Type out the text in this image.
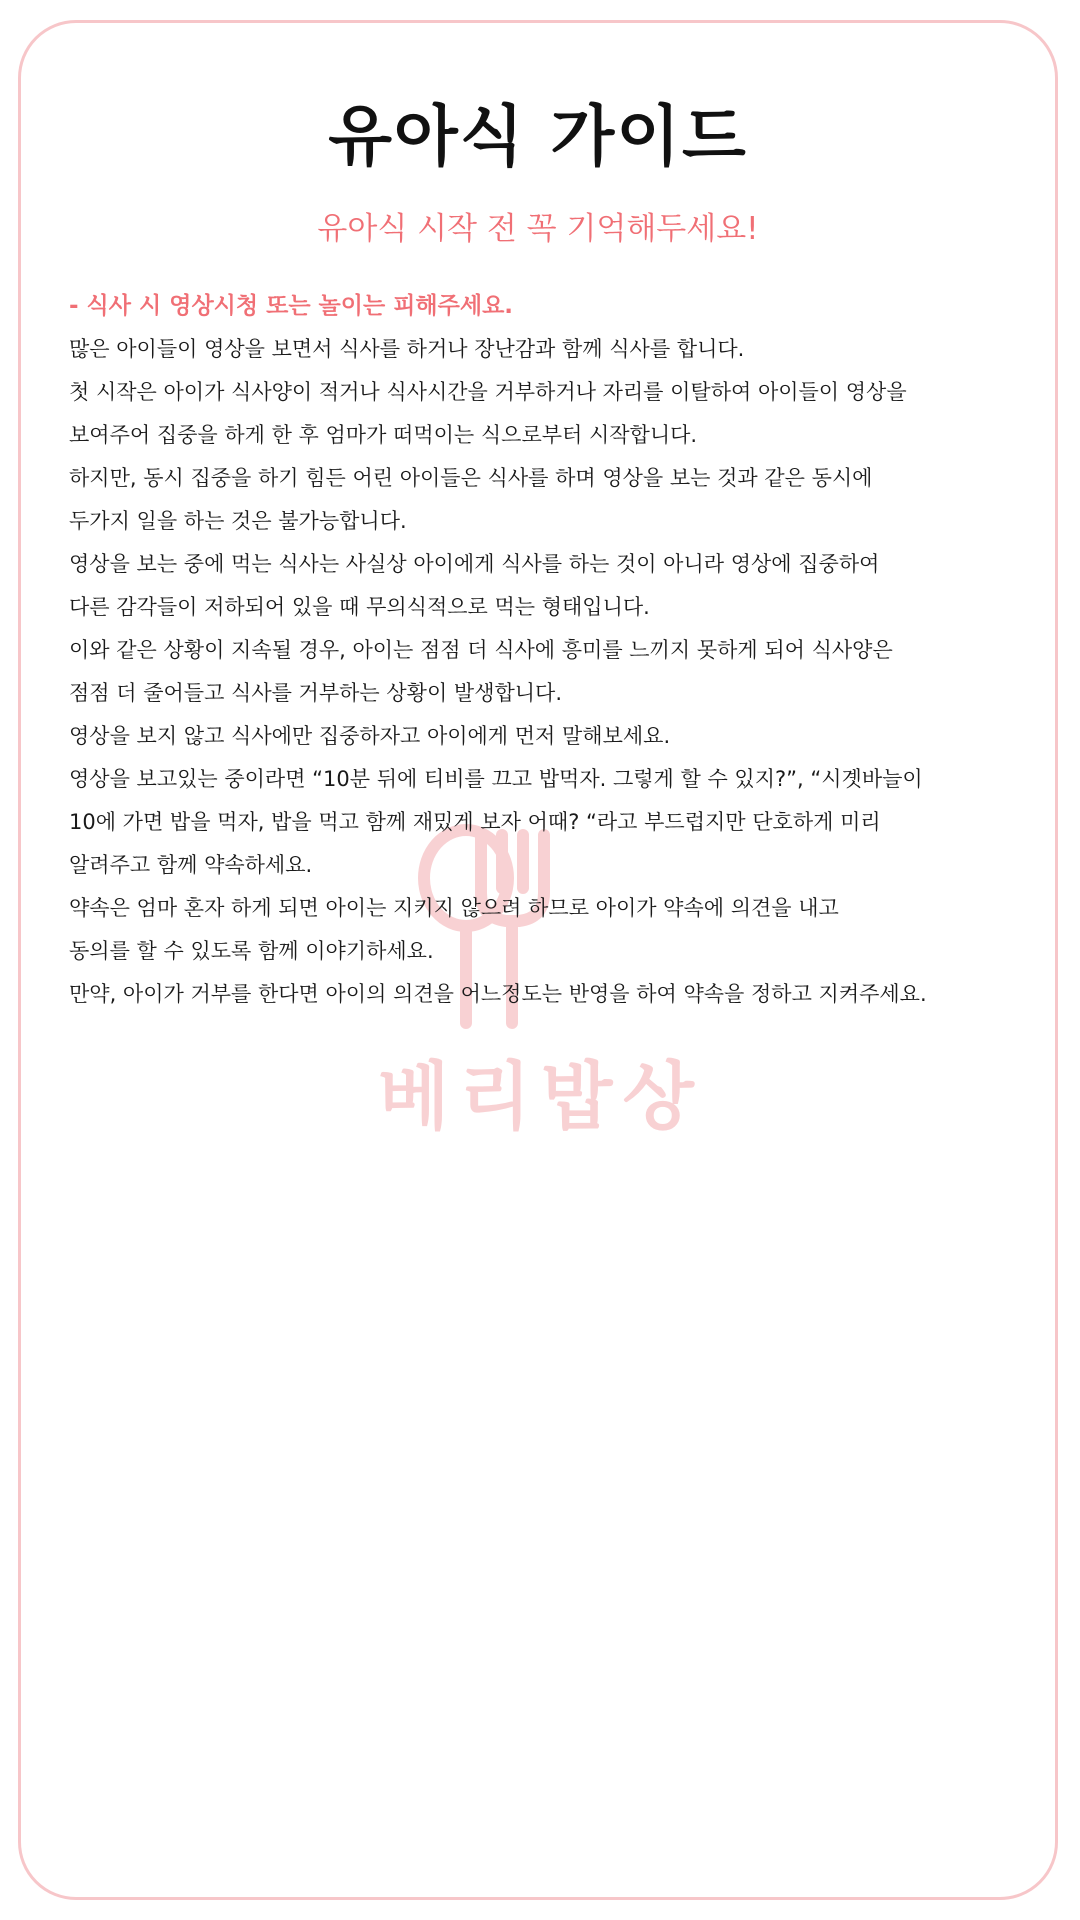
유아식 가이드

유아식 시작 전 꼭 기억해두세요!

베리밥상

- 식사 시 영상시청 또는 놀이는 피해주세요.

많은 아이들이 영상을 보면서 식사를 하거나 장난감과 함께 식사를 합니다.

첫 시작은 아이가 식사양이 적거나 식사시간을 거부하거나 자리를 이탈하여 아이들이 영상을

보여주어 집중을 하게 한 후 엄마가 떠먹이는 식으로부터 시작합니다.

하지만, 동시 집중을 하기 힘든 어린 아이들은 식사를 하며 영상을 보는 것과 같은 동시에

두가지 일을 하는 것은 불가능합니다.

영상을 보는 중에 먹는 식사는 사실상 아이에게 식사를 하는 것이 아니라 영상에 집중하여

다른 감각들이 저하되어 있을 때 무의식적으로 먹는 형태입니다.

이와 같은 상황이 지속될 경우, 아이는 점점 더 식사에 흥미를 느끼지 못하게 되어 식사양은

점점 더 줄어들고 식사를 거부하는 상황이 발생합니다.

영상을 보지 않고 식사에만 집중하자고 아이에게 먼저 말해보세요.

영상을 보고있는 중이라면 “10분 뒤에 티비를 끄고 밥먹자. 그렇게 할 수 있지?”, “시곗바늘이

10에 가면 밥을 먹자, 밥을 먹고 함께 재밌게 보자 어때? “라고 부드럽지만 단호하게 미리

알려주고 함께 약속하세요.

약속은 엄마 혼자 하게 되면 아이는 지키지 않으려 하므로 아이가 약속에 의견을 내고

동의를 할 수 있도록 함께 이야기하세요.

만약, 아이가 거부를 한다면 아이의 의견을 어느정도는 반영을 하여 약속을 정하고 지켜주세요.
